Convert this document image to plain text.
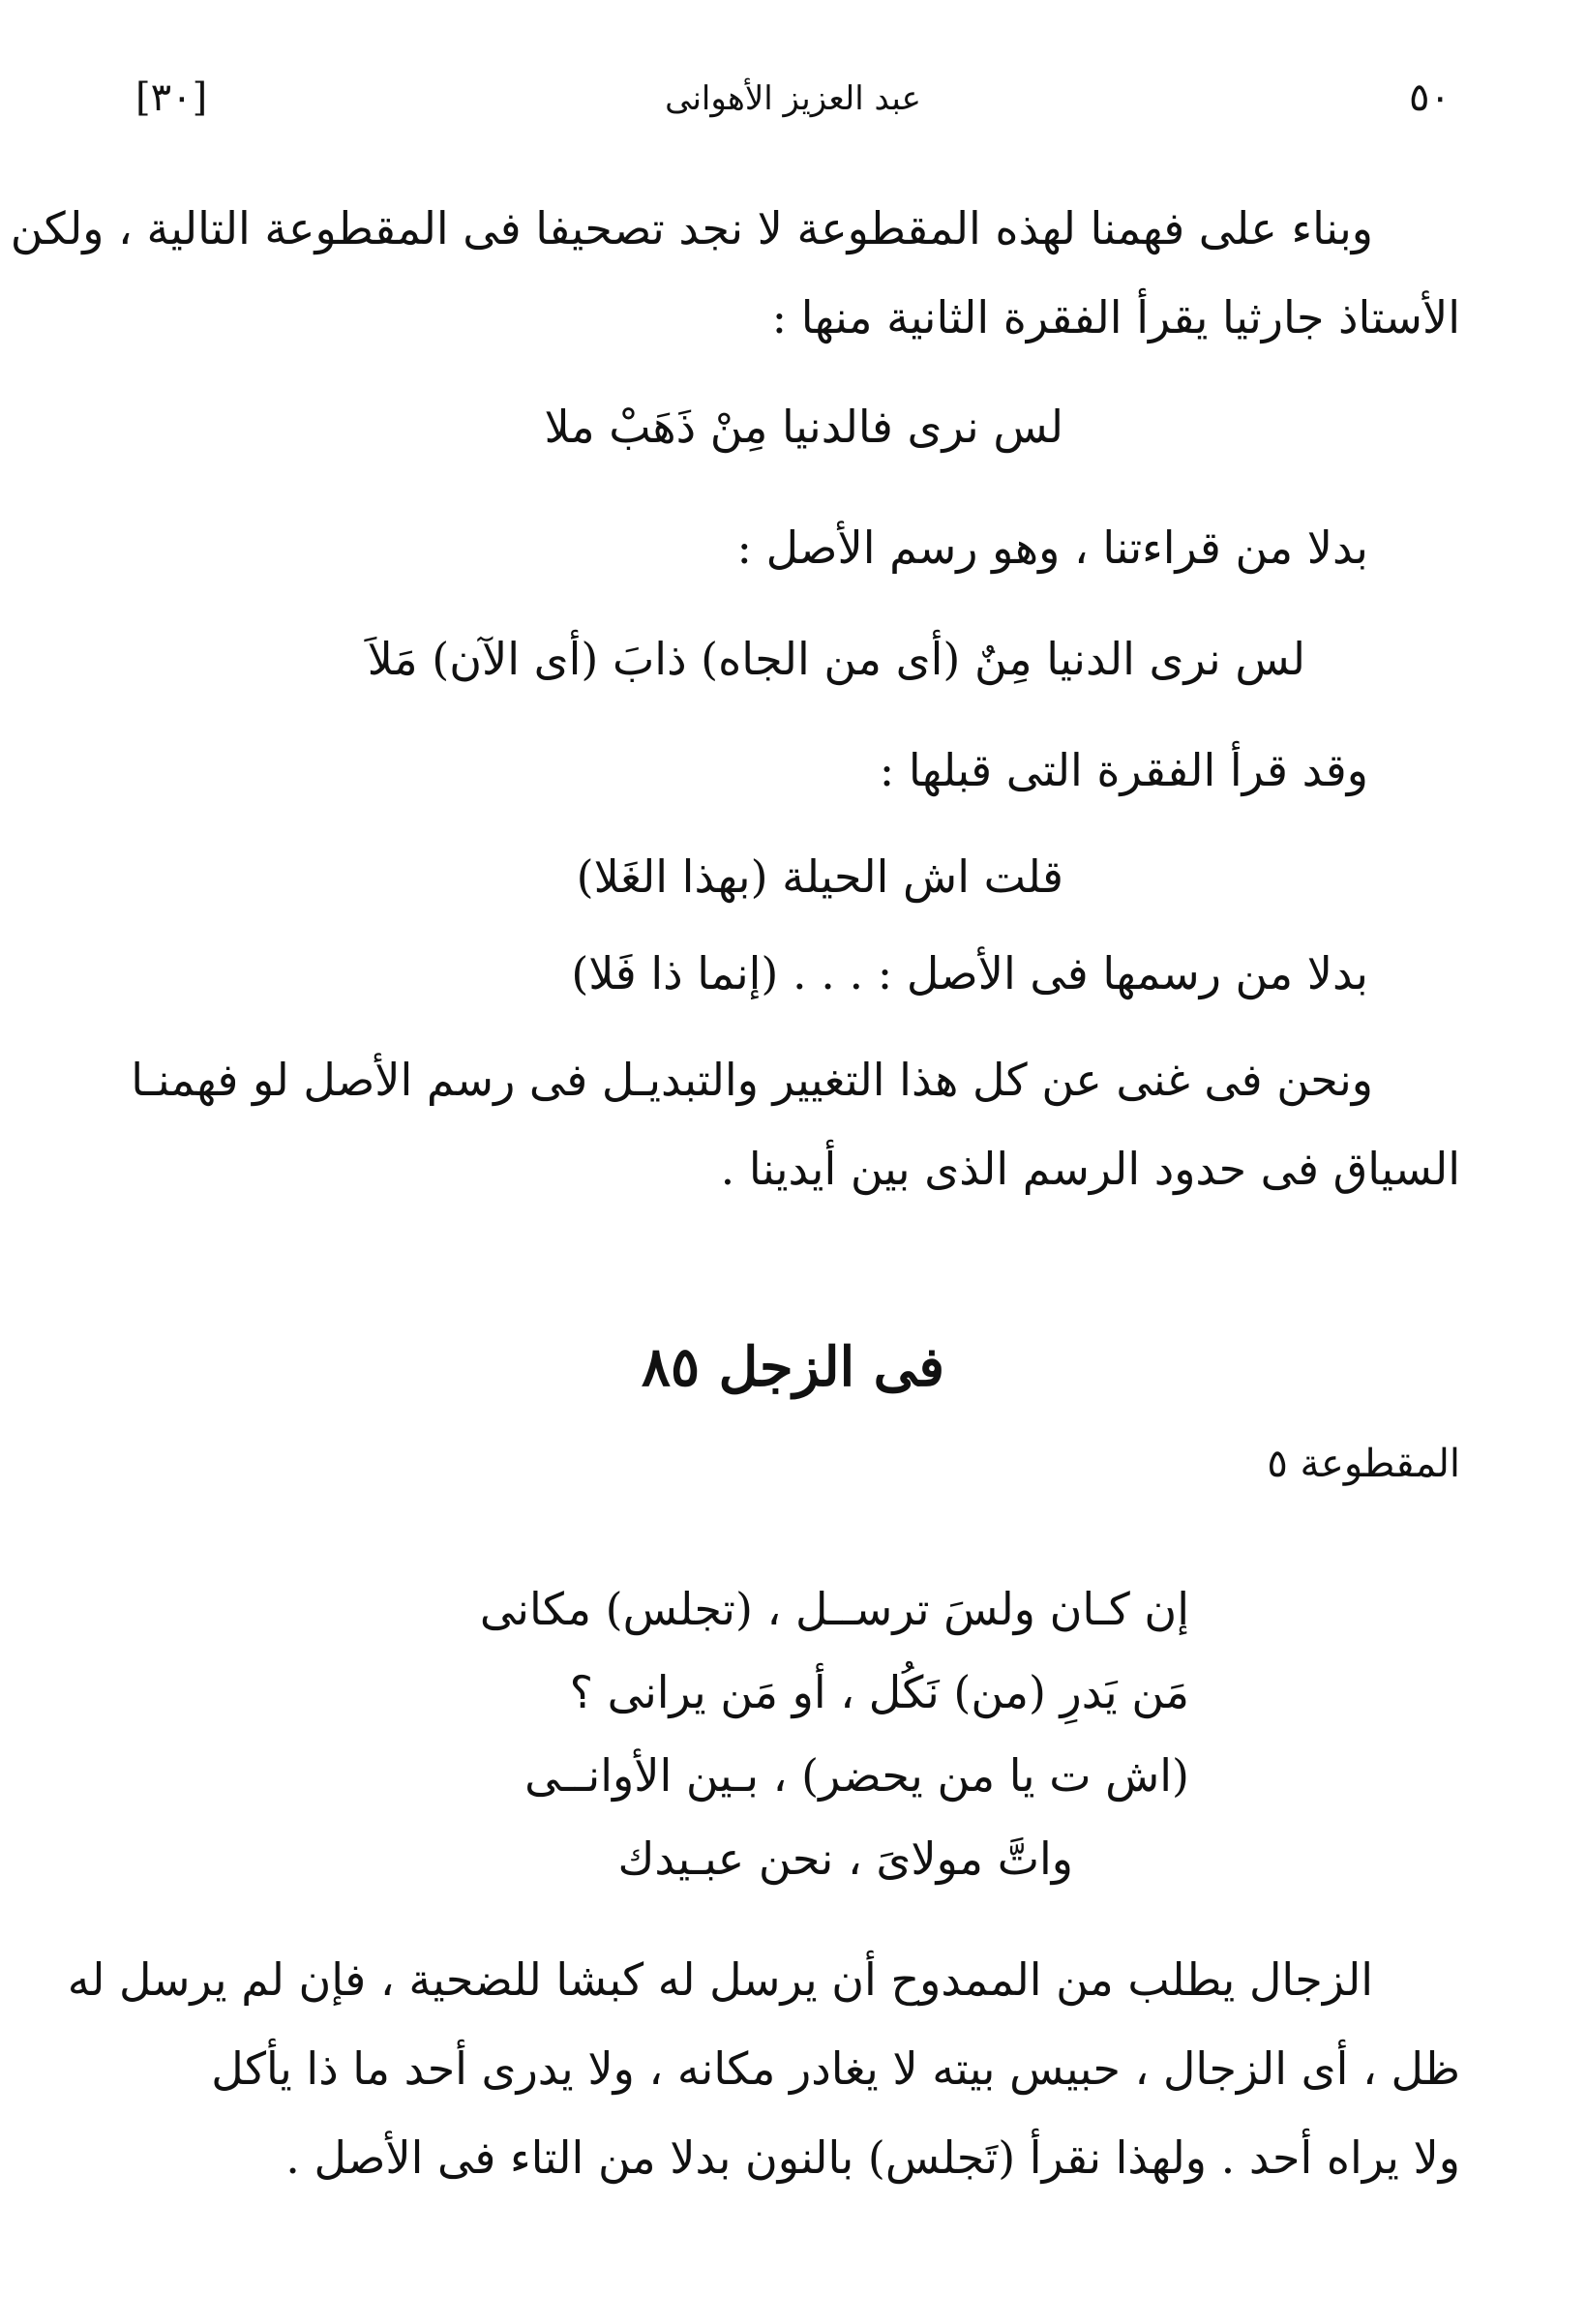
[٣٠]	عبد العزيز الأهوانى	٥٠
وبناء على فهمنا لهذه المقطوعة لا نجد تصحيفا فى المقطوعة التالية ، ولكن
الأستاذ جارثيا يقرأ الفقرة الثانية منها :
لس نرى فالدنيا مِنْ ذَهَبْ ملا
بدلا من قراءتنا ، وهو رسم الأصل :
لس نرى الدنيا مِنٌ (أى من الجاه) ذابَ (أى الآن) مَلاَ
وقد قرأ الفقرة التى قبلها :
قلت اش الحيلة (بهذا الغَلا)
بدلا من رسمها فى الأصل : . . . (إنما ذا فَلا)
ونحن فى غنى عن كل هذا التغيير والتبديـل فى رسم الأصل لو فهمنـا
السياق فى حدود الرسم الذى بين أيدينا .
فى الزجل ٨٥
المقطوعة ٥
إن كـان ولسَ ترســل ، (تجلس) مكانى
مَن يَدرِ (من) نَكُل ، أو مَن يرانى ؟
(اش ت يا من يحضر) ، بـين الأوانــى
واتَّ مولاىَ ، نحن عبـيدك
الزجال يطلب من الممدوح أن يرسل له كبشا للضحية ، فإن لم يرسل له
ظل ، أى الزجال ، حبيس بيته لا يغادر مكانه ، ولا يدرى أحد ما ذا يأكل
ولا يراه أحد . ولهذا نقرأ (تَجلس) بالنون بدلا من التاء فى الأصل .
